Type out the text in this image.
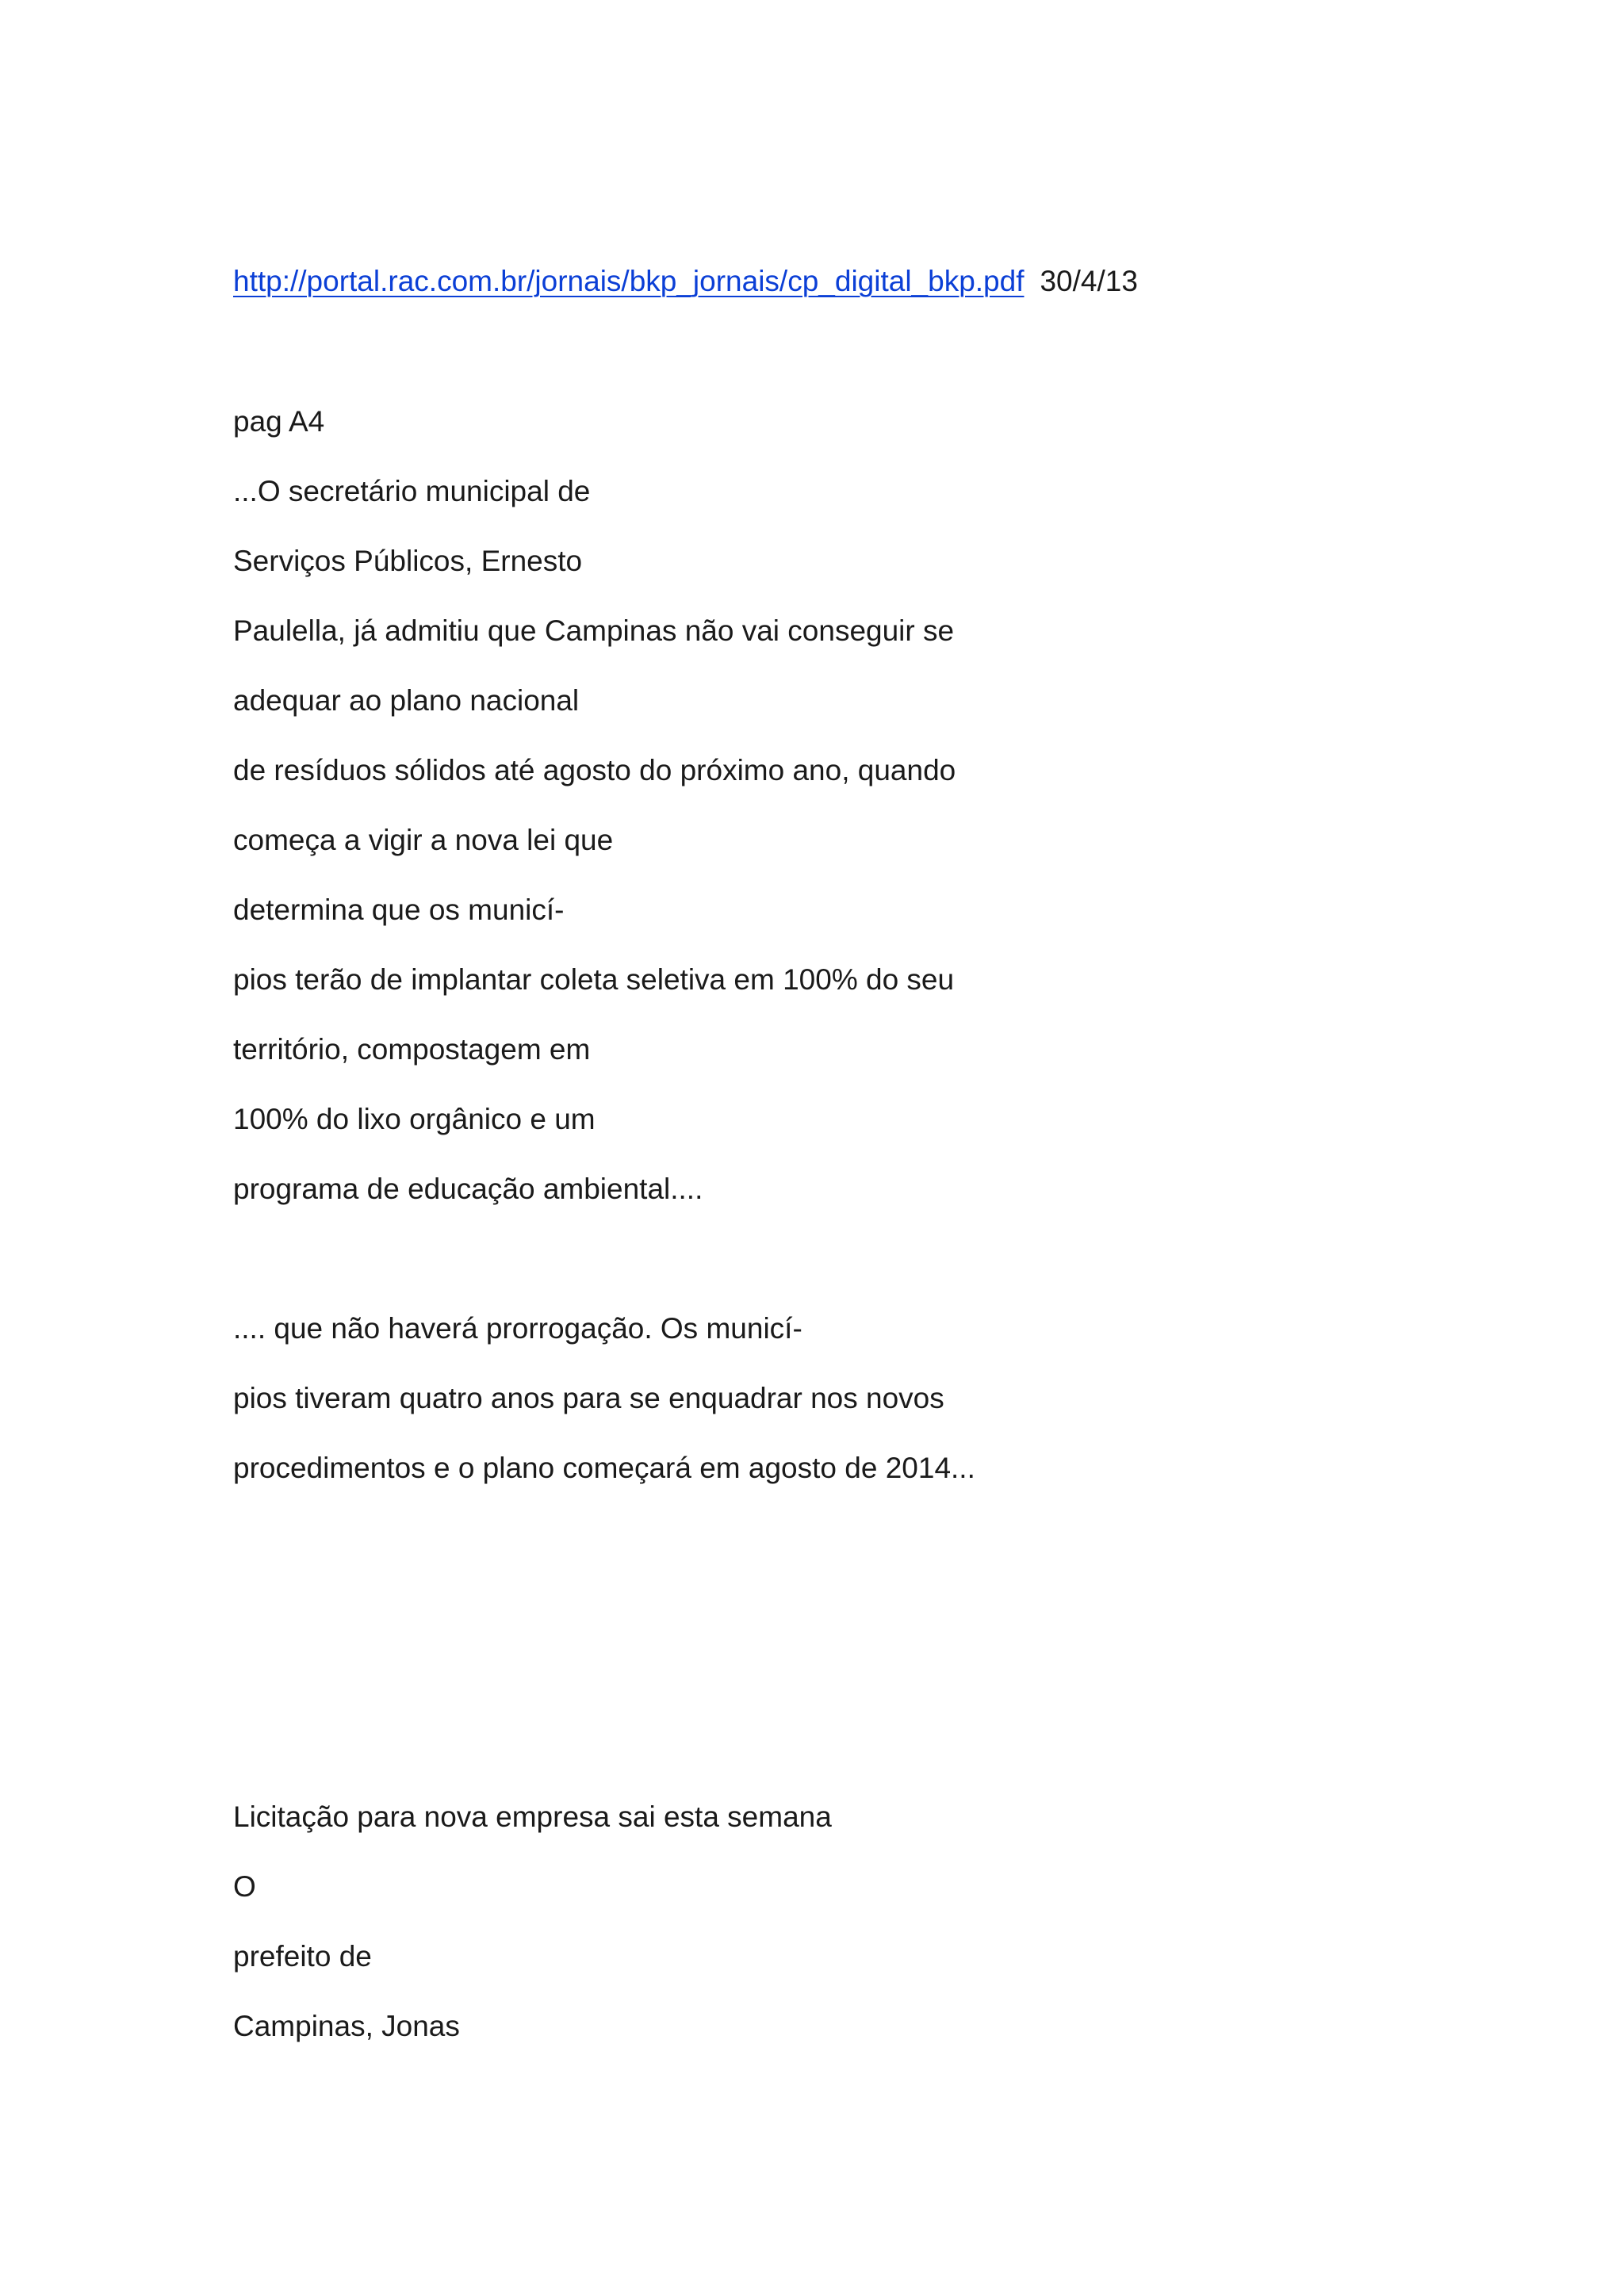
http://portal.rac.com.br/jornais/bkp_jornais/cp_digital_bkp.pdf 30/4/13

pag A4

...O secretário municipal de

Serviços Públicos, Ernesto

Paulella, já admitiu que Campinas não vai conseguir se

adequar ao plano nacional

de resíduos sólidos até agosto do próximo ano, quando

começa a vigir a nova lei que

determina que os municí-

pios terão de implantar coleta seletiva em 100% do seu

território, compostagem em

100% do lixo orgânico e um

programa de educação ambiental....

.... que não haverá prorrogação. Os municí-

pios tiveram quatro anos para se enquadrar nos novos

procedimentos e o plano começará em agosto de 2014...

Licitação para nova empresa sai esta semana

O

prefeito de

Campinas, Jonas
